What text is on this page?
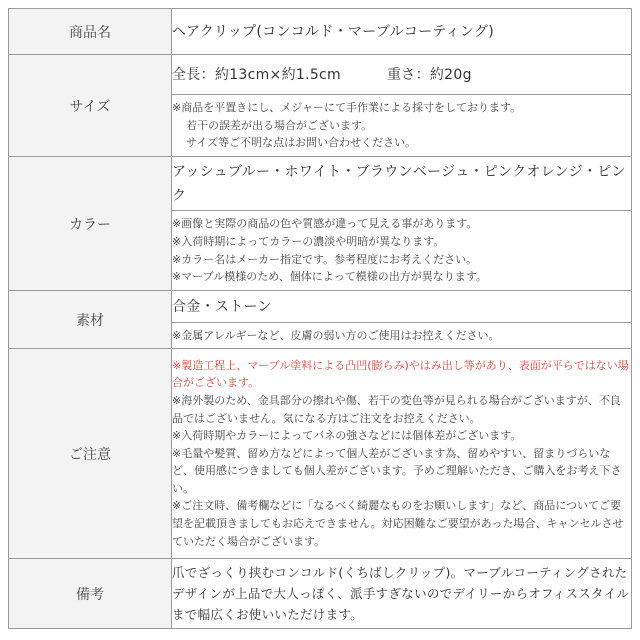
商品名	ヘアクリップ(コンコルド・マーブルコーティング)
サイズ	全長：約13cm×約1.5cm 重さ：約20g

	※商品を平置きにし、メジャーにて手作業による採寸をしております。

若干の誤差が出る場合がございます。

サイズ等ご不明な点はお問い合わせください。

カラー	アッシュブルー・ホワイト・ブラウンベージュ・ピンクオレンジ・ピンク

	※画像と実際の商品の色や質感が違って見える事があります。

※入荷時期によってカラーの濃淡や明暗が異なります。

※カラー名はメーカー指定です。参考程度にお考えください。

※マーブル模様のため、個体によって模様の出方が異なります。

素材	合金・ストーン

	※金属アレルギーなど、皮膚の弱い方のご使用はお控えください。

ご注意	※製造工程上、マーブル塗料による凸凹(膨らみ)やはみ出し等があり、表面が平らではない場合がございます。

※海外製のため、金具部分の擦れや傷、若干の変色等が見られる場合がございますが、不良品ではございません。気になる方はご注文をお控えください。

※入荷時期やカラーによってバネの強さなどには個体差がございます。

※毛量や髪質、留め方などによって個人差がございます為、留めやすい、留まりづらいなど、使用感につきましても個人差がございます。予めご理解いただき、ご購入をお考え下さい。

※ご注文時、備考欄などに「なるべく綺麗なものをお願いします」など、商品についてご要望を記載頂きましてもお応えできません。対応困難なご要望があった場合、キャンセルさせていただく場合がございます。

備考	爪でざっくり挟むコンコルド(くちばしクリップ)。マーブルコーティングされたデザインが上品で大人っぽく、派手すぎないのでデイリーからオフィススタイルまで幅広くお使いいただけます。
